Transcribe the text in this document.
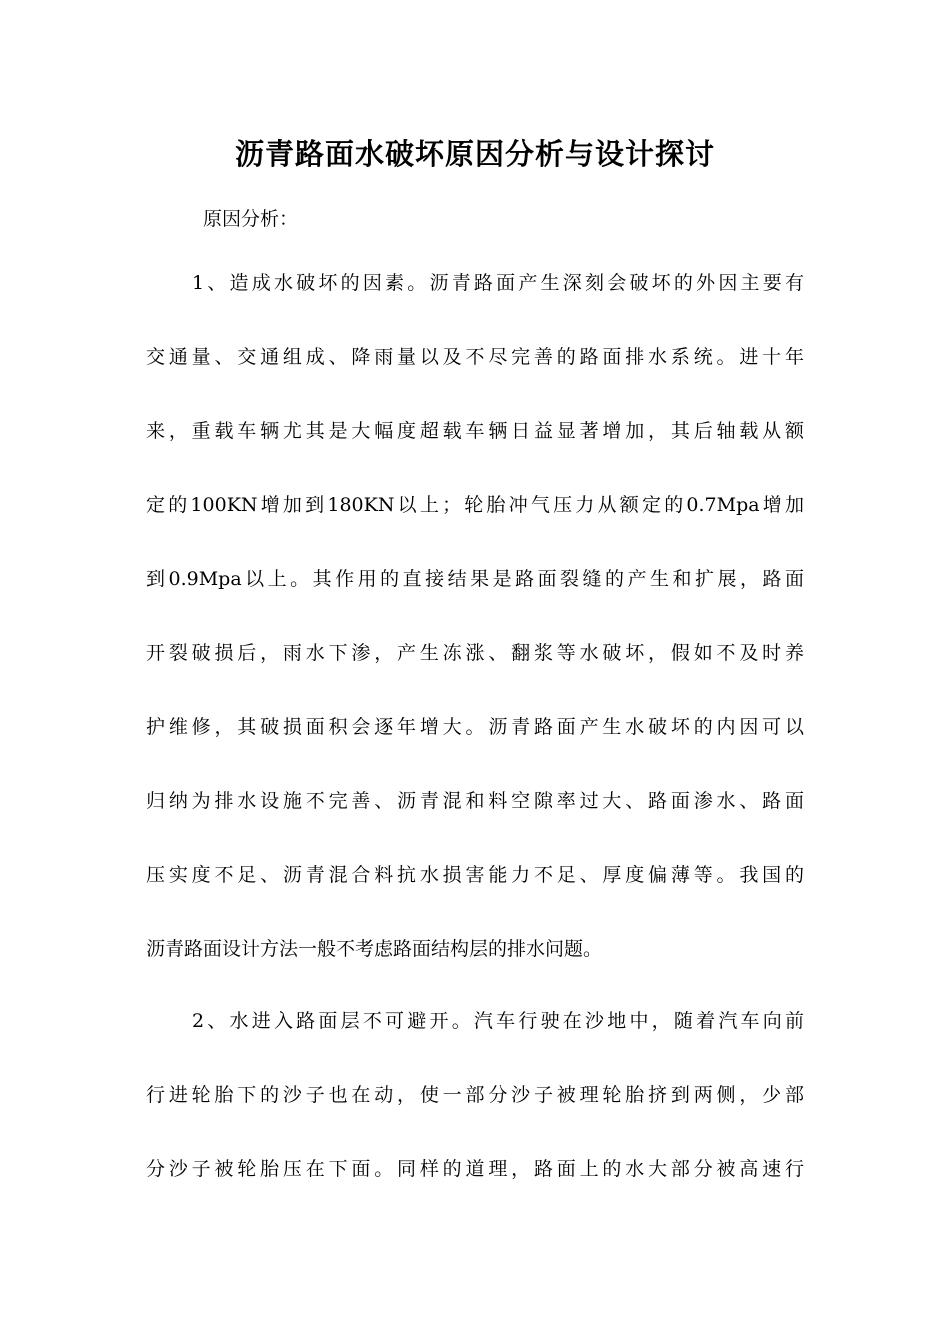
沥青路面水破坏原因分析与设计探讨

原因分析：

1、造成水破坏的因素。沥青路面产生深刻会破坏的外因主要有
交通量、交通组成、降雨量以及不尽完善的路面排水系统。进十年
来，重载车辆尤其是大幅度超载车辆日益显著增加，其后轴载从额
定的100KN增加到180KN以上；轮胎冲气压力从额定的0.7Mpa增加
到0.9Mpa以上。其作用的直接结果是路面裂缝的产生和扩展，路面
开裂破损后，雨水下渗，产生冻涨、翻浆等水破坏，假如不及时养
护维修，其破损面积会逐年增大。沥青路面产生水破坏的内因可以
归纳为排水设施不完善、沥青混和料空隙率过大、路面渗水、路面
压实度不足、沥青混合料抗水损害能力不足、厚度偏薄等。我国的
沥青路面设计方法一般不考虑路面结构层的排水问题。
2、水进入路面层不可避开。汽车行驶在沙地中，随着汽车向前
行进轮胎下的沙子也在动，使一部分沙子被理轮胎挤到两侧，少部
分沙子被轮胎压在下面。同样的道理，路面上的水大部分被高速行
